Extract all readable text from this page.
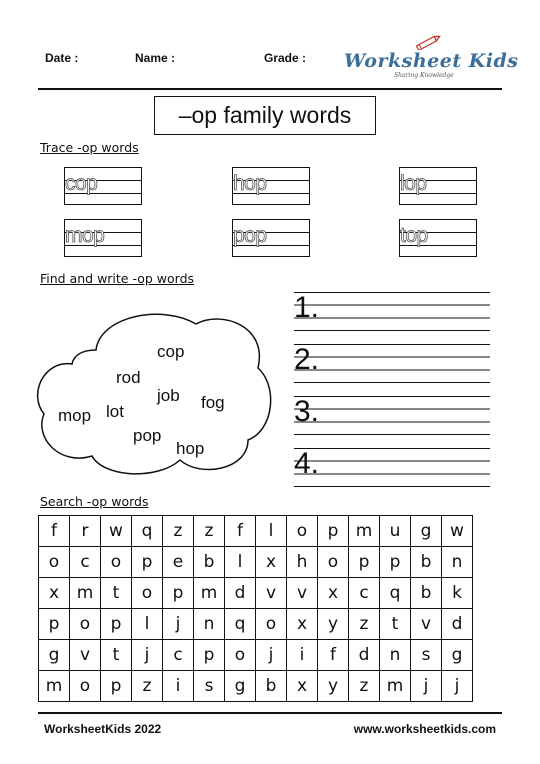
Date :	Name :	Grade : Worksheet Kids
Sharing Knowledge
–op family words
Trace -op words
cop	hop	lop
mop	pop	top
Find and write -op words
cop
rod
job fog
mop lot
pop
hop
1.
2.
3.
4.
Search -op words
f	r	w	q	z	z	f	l	o	p	m	u	g	w
o	c	o	p	e	b	l	x	h	o	p	p	b	n
x	m	t	o	p	m	d	v	v	x	c	q	b	k
p	o	p	l	j	n	q	o	x	y	z	t	v	d
g	v	t	j	c	p	o	j	i	f	d	n	s	g
m	o	p	z	i	s	g	b	x	y	z	m	j	j
WorksheetKids 2022	www.worksheetkids.com
